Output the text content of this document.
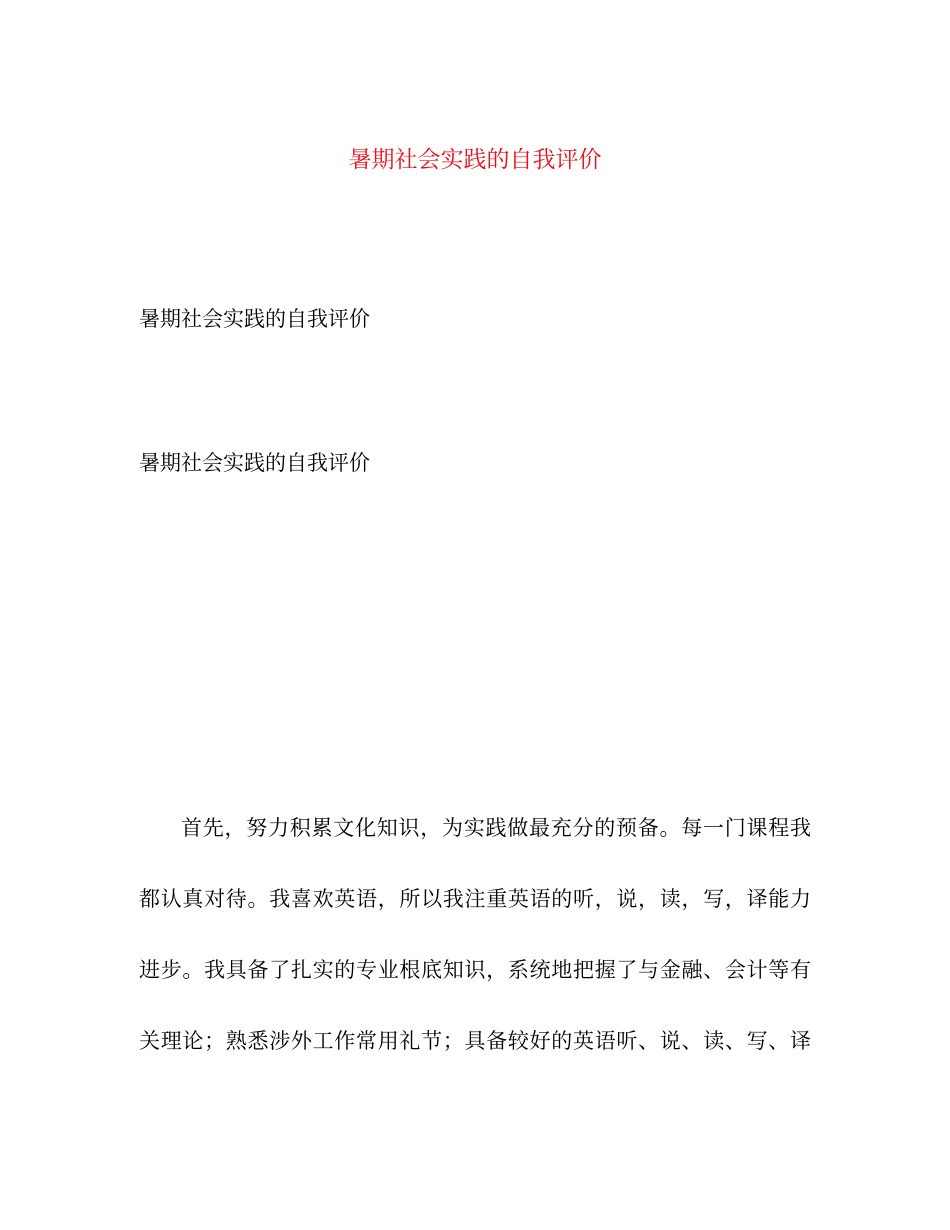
暑期社会实践的自我评价
暑期社会实践的自我评价
暑期社会实践的自我评价
首先，努力积累文化知识，为实践做最充分的预备。每一门课程我
都认真对待。我喜欢英语，所以我注重英语的听，说，读，写，译能力
进步。我具备了扎实的专业根底知识，系统地把握了与金融、会计等有
关理论；熟悉涉外工作常用礼节；具备较好的英语听、说、读、写、译
